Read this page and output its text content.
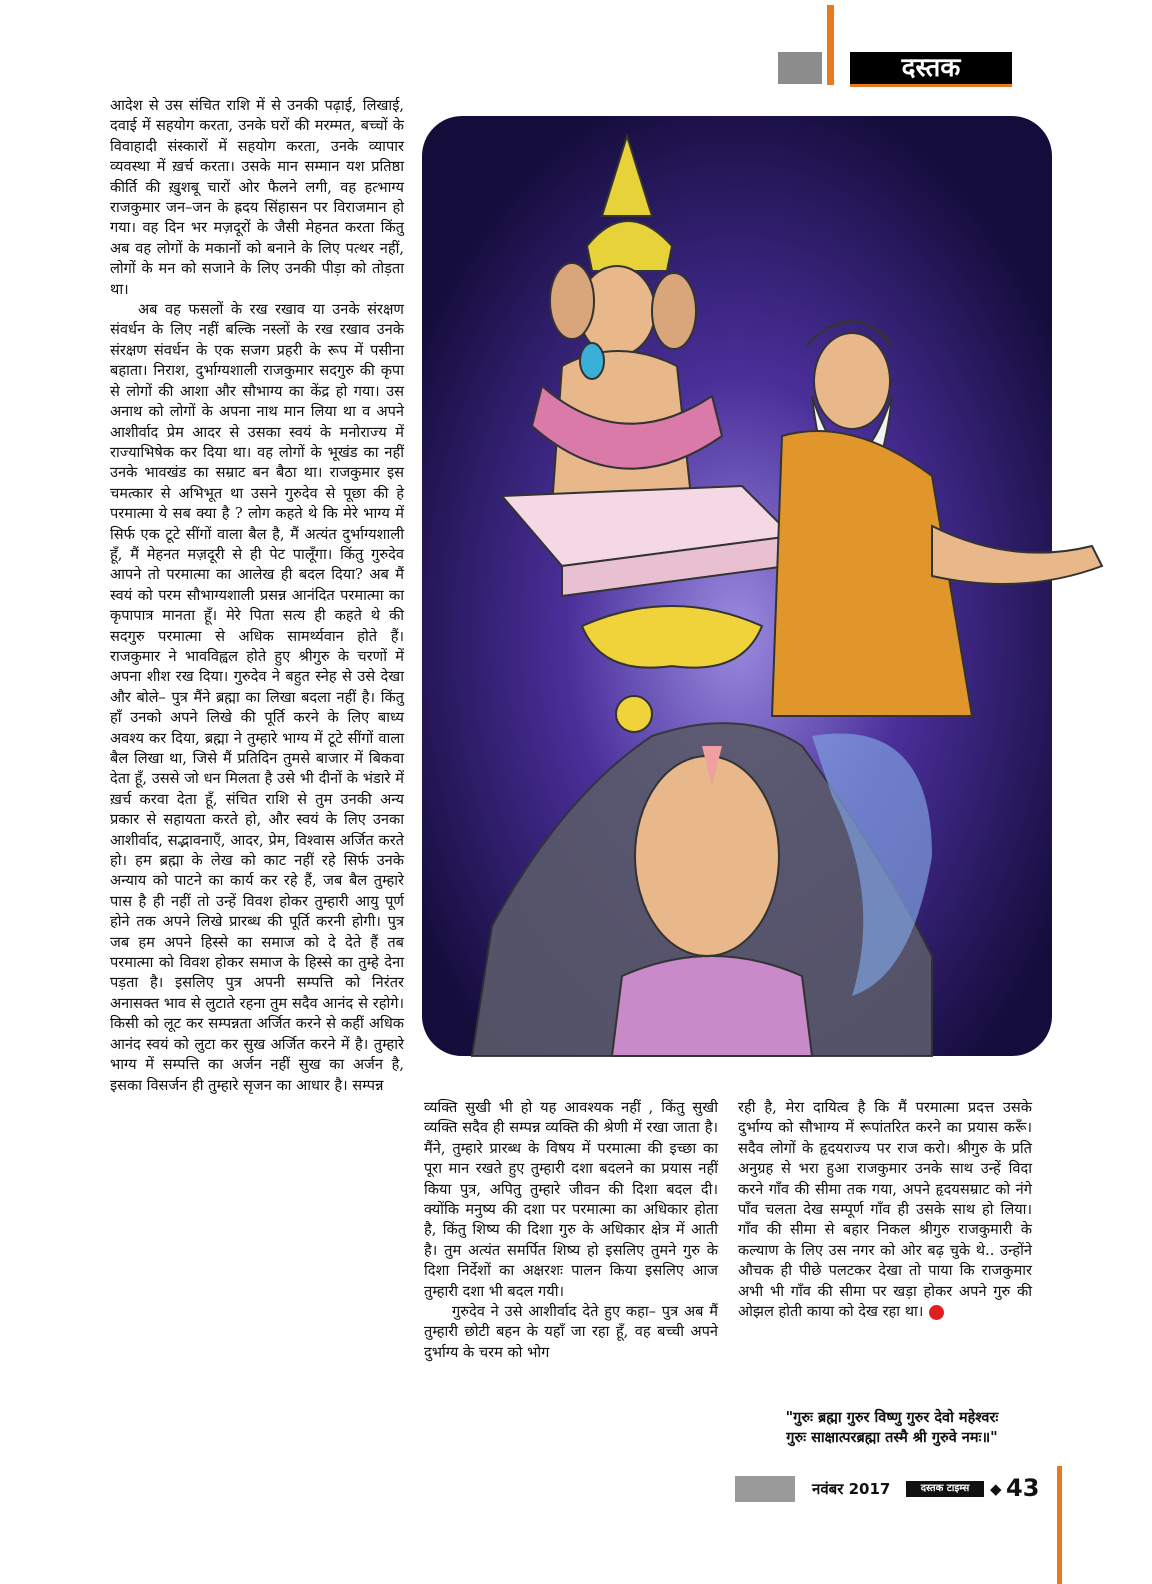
दस्तक

आदेश से उस संचित राशि में से उनकी पढ़ाई, लिखाई, दवाई में सहयोग करता, उनके घरों की मरम्मत, बच्चों के विवाहादी संस्कारों में सहयोग करता, उनके व्यापार व्यवस्था में ख़र्च करता। उसके मान सम्मान यश प्रतिष्ठा कीर्ति की ख़ुशबू चारों ओर फैलने लगी, वह हत्भाग्य राजकुमार जन–जन के ह्रदय सिंहासन पर विराजमान हो गया। वह दिन भर मज़दूरों के जैसी मेहनत करता किंतु अब वह लोगों के मकानों को बनाने के लिए पत्थर नहीं, लोगों के मन को सजाने के लिए उनकी पीड़ा को तोड़ता था।

अब वह फसलों के रख रखाव या उनके संरक्षण संवर्धन के लिए नहीं बल्कि नस्लों के रख रखाव उनके संरक्षण संवर्धन के एक सजग प्रहरी के रूप में पसीना बहाता। निराश, दुर्भाग्यशाली राजकुमार सदगुरु की कृपा से लोगों की आशा और सौभाग्य का केंद्र हो गया। उस अनाथ को लोगों के अपना नाथ मान लिया था व अपने आशीर्वाद प्रेम आदर से उसका स्वयं के मनोराज्य में राज्याभिषेक कर दिया था। वह लोगों के भूखंड का नहीं उनके भावखंड का सम्राट बन बैठा था। राजकुमार इस चमत्कार से अभिभूत था उसने गुरुदेव से पूछा की हे परमात्मा ये सब क्या है ? लोग कहते थे कि मेरे भाग्य में सिर्फ एक टूटे सींगों वाला बैल है, मैं अत्यंत दुर्भाग्यशाली हूँ, मैं मेहनत मज़दूरी से ही पेट पालूँगा। किंतु गुरुदेव आपने तो परमात्मा का आलेख ही बदल दिया? अब मैं स्वयं को परम सौभाग्यशाली प्रसन्न आनंदित परमात्मा का कृपापात्र मानता हूँ। मेरे पिता सत्य ही कहते थे की सदगुरु परमात्मा से अधिक सामर्थ्यवान होते हैं। राजकुमार ने भावविह्वल होते हुए श्रीगुरु के चरणों में अपना शीश रख दिया। गुरुदेव ने बहुत स्नेह से उसे देखा और बोले– पुत्र मैंने ब्रह्मा का लिखा बदला नहीं है। किंतु हाँ उनको अपने लिखे की पूर्ति करने के लिए बाध्य अवश्य कर दिया, ब्रह्मा ने तुम्हारे भाग्य में टूटे सींगों वाला बैल लिखा था, जिसे मैं प्रतिदिन तुमसे बाजार में बिकवा देता हूँ, उससे जो धन मिलता है उसे भी दीनों के भंडारे में ख़र्च करवा देता हूँ, संचित राशि से तुम उनकी अन्य प्रकार से सहायता करते हो, और स्वयं के लिए उनका आशीर्वाद, सद्भावनाएँ, आदर, प्रेम, विश्वास अर्जित करते हो। हम ब्रह्मा के लेख को काट नहीं रहे सिर्फ उनके अन्याय को पाटने का कार्य कर रहे हैं, जब बैल तुम्हारे पास है ही नहीं तो उन्हें विवश होकर तुम्हारी आयु पूर्ण होने तक अपने लिखे प्रारब्ध की पूर्ति करनी होगी। पुत्र जब हम अपने हिस्से का समाज को दे देते हैं तब परमात्मा को विवश होकर समाज के हिस्से का तुम्हे देना पड़ता है। इसलिए पुत्र अपनी सम्पत्ति को निरंतर अनासक्त भाव से लुटाते रहना तुम सदैव आनंद से रहोगे। किसी को लूट कर सम्पन्नता अर्जित करने से कहीं अधिक आनंद स्वयं को लुटा कर सुख अर्जित करने में है। तुम्हारे भाग्य में सम्पत्ति का अर्जन नहीं सुख का अर्जन है, इसका विसर्जन ही तुम्हारे सृजन का आधार है। सम्पन्न

व्यक्ति सुखी भी हो यह आवश्यक नहीं , किंतु सुखी व्यक्ति सदैव ही सम्पन्न व्यक्ति की श्रेणी में रखा जाता है। मैंने, तुम्हारे प्रारब्ध के विषय में परमात्मा की इच्छा का पूरा मान रखते हुए तुम्हारी दशा बदलने का प्रयास नहीं किया पुत्र, अपितु तुम्हारे जीवन की दिशा बदल दी। क्योंकि मनुष्य की दशा पर परमात्मा का अधिकार होता है, किंतु शिष्य की दिशा गुरु के अधिकार क्षेत्र में आती है। तुम अत्यंत समर्पित शिष्य हो इसलिए तुमने गुरु के दिशा निर्देशों का अक्षरशः पालन किया इसलिए आज तुम्हारी दशा भी बदल गयी।

गुरुदेव ने उसे आशीर्वाद देते हुए कहा– पुत्र अब मैं तुम्हारी छोटी बहन के यहाँ जा रहा हूँ, वह बच्ची अपने दुर्भाग्य के चरम को भोग

रही है, मेरा दायित्व है कि मैं परमात्मा प्रदत्त उसके दुर्भाग्य को सौभाग्य में रूपांतरित करने का प्रयास करूँ। सदैव लोगों के हृदयराज्य पर राज करो। श्रीगुरु के प्रति अनुग्रह से भरा हुआ राजकुमार उनके साथ उन्हें विदा करने गाँव की सीमा तक गया, अपने हृदयसम्राट को नंगे पाँव चलता देख सम्पूर्ण गाँव ही उसके साथ हो लिया। गाँव की सीमा से बहार निकल श्रीगुरु राजकुमारी के कल्याण के लिए उस नगर को ओर बढ़ चुके थे.. उन्होंने औचक ही पीछे पलटकर देखा तो पाया कि राजकुमार अभी भी गाँव की सीमा पर खड़ा होकर अपने गुरु की ओझल होती काया को देख रहा था।

"गुरुः ब्रह्मा गुरुर विष्णु गुरुर देवो महेश्वरः
गुरुः साक्षात्परब्रह्मा तस्मै श्री गुरुवे नमः॥"
नवंबर 2017	दस्तक टाइम्स	◆ 43
